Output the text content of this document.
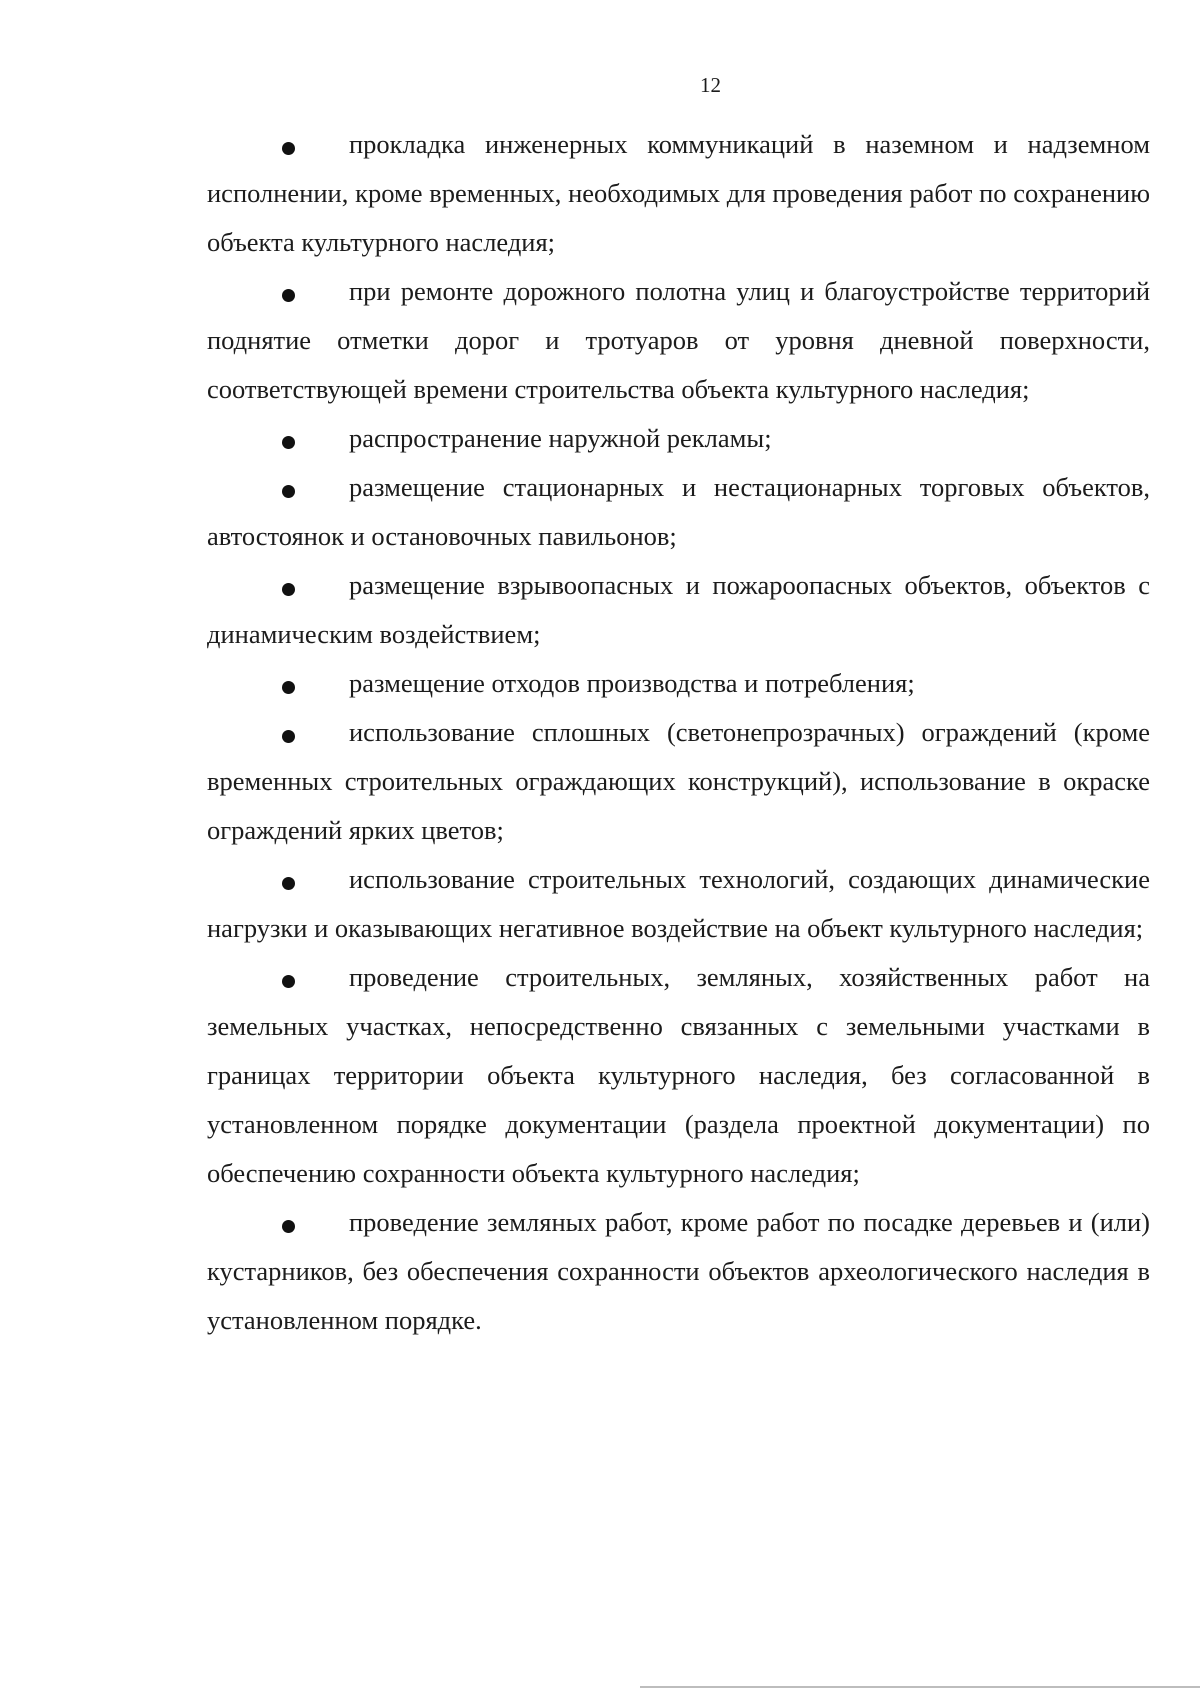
12
прокладка инженерных коммуникаций в наземном и надземном исполнении, кроме временных, необходимых для проведения работ по сохранению объекта культурного наследия;
при ремонте дорожного полотна улиц и благоустройстве территорий поднятие отметки дорог и тротуаров от уровня дневной поверхности, соответствующей времени строительства объекта культурного наследия;
распространение наружной рекламы;
размещение стационарных и нестационарных торговых объектов, автостоянок и остановочных павильонов;
размещение взрывоопасных и пожароопасных объектов, объектов с динамическим воздействием;
размещение отходов производства и потребления;
использование сплошных (светонепрозрачных) ограждений (кроме временных строительных ограждающих конструкций), использование в окраске ограждений ярких цветов;
использование строительных технологий, создающих динамические нагрузки и оказывающих негативное воздействие на объект культурного наследия;
проведение строительных, земляных, хозяйственных работ на земельных участках, непосредственно связанных с земельными участками в границах территории объекта культурного наследия, без согласованной в установленном порядке документации (раздела проектной документации) по обеспечению сохранности объекта культурного наследия;
проведение земляных работ, кроме работ по посадке деревьев и (или) кустарников, без обеспечения сохранности объектов археологического наследия в установленном порядке.
